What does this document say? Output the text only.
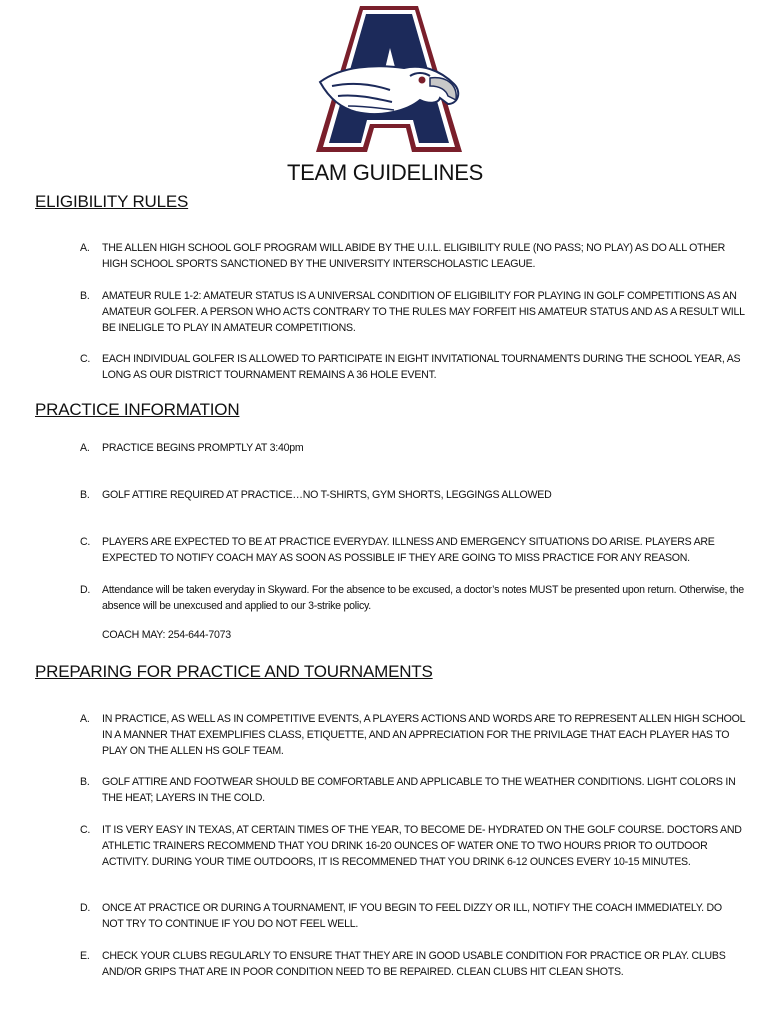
TEAM GUIDELINES
ELIGIBILITY RULES
A. THE ALLEN HIGH SCHOOL GOLF PROGRAM WILL ABIDE BY THE U.I.L. ELIGIBILITY RULE (NO PASS; NO PLAY) AS DO ALL OTHER HIGH SCHOOL SPORTS SANCTIONED BY THE UNIVERSITY INTERSCHOLASTIC LEAGUE.
B. AMATEUR RULE 1-2: AMATEUR STATUS IS A UNIVERSAL CONDITION OF ELIGIBILITY FOR PLAYING IN GOLF COMPETITIONS AS AN AMATEUR GOLFER. A PERSON WHO ACTS CONTRARY TO THE RULES MAY FORFEIT HIS AMATEUR STATUS AND AS A RESULT WILL BE INELIGLE TO PLAY IN AMATEUR COMPETITIONS.
C. EACH INDIVIDUAL GOLFER IS ALLOWED TO PARTICIPATE IN EIGHT INVITATIONAL TOURNAMENTS DURING THE SCHOOL YEAR, AS LONG AS OUR DISTRICT TOURNAMENT REMAINS A 36 HOLE EVENT.
PRACTICE INFORMATION
A. PRACTICE BEGINS PROMPTLY AT 3:40pm
B. GOLF ATTIRE REQUIRED AT PRACTICE…NO T-SHIRTS, GYM SHORTS, LEGGINGS ALLOWED
C. PLAYERS ARE EXPECTED TO BE AT PRACTICE EVERYDAY. ILLNESS AND EMERGENCY SITUATIONS DO ARISE. PLAYERS ARE EXPECTED TO NOTIFY COACH MAY AS SOON AS POSSIBLE IF THEY ARE GOING TO MISS PRACTICE FOR ANY REASON.
D. Attendance will be taken everyday in Skyward. For the absence to be excused, a doctor’s notes MUST be presented upon return. Otherwise, the absence will be unexcused and applied to our 3-strike policy.
COACH MAY: 254-644-7073
PREPARING FOR PRACTICE AND TOURNAMENTS
A. IN PRACTICE, AS WELL AS IN COMPETITIVE EVENTS, A PLAYERS ACTIONS AND WORDS ARE TO REPRESENT ALLEN HIGH SCHOOL IN A MANNER THAT EXEMPLIFIES CLASS, ETIQUETTE, AND AN APPRECIATION FOR THE PRIVILAGE THAT EACH PLAYER HAS TO PLAY ON THE ALLEN HS GOLF TEAM.
B. GOLF ATTIRE AND FOOTWEAR SHOULD BE COMFORTABLE AND APPLICABLE TO THE WEATHER CONDITIONS. LIGHT COLORS IN THE HEAT; LAYERS IN THE COLD.
C. IT IS VERY EASY IN TEXAS, AT CERTAIN TIMES OF THE YEAR, TO BECOME DE- HYDRATED ON THE GOLF COURSE. DOCTORS AND ATHLETIC TRAINERS RECOMMEND THAT YOU DRINK 16-20 OUNCES OF WATER ONE TO TWO HOURS PRIOR TO OUTDOOR ACTIVITY. DURING YOUR TIME OUTDOORS, IT IS RECOMMENED THAT YOU DRINK 6-12 OUNCES EVERY 10-15 MINUTES.
D. ONCE AT PRACTICE OR DURING A TOURNAMENT, IF YOU BEGIN TO FEEL DIZZY OR ILL, NOTIFY THE COACH IMMEDIATELY. DO NOT TRY TO CONTINUE IF YOU DO NOT FEEL WELL.
E. CHECK YOUR CLUBS REGULARLY TO ENSURE THAT THEY ARE IN GOOD USABLE CONDITION FOR PRACTICE OR PLAY. CLUBS AND/OR GRIPS THAT ARE IN POOR CONDITION NEED TO BE REPAIRED. CLEAN CLUBS HIT CLEAN SHOTS.
